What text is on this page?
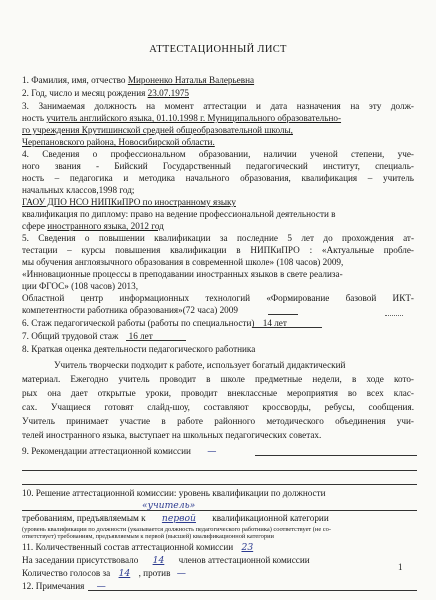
АТТЕСТАЦИОННЫЙ ЛИСТ
1. Фамилия, имя, отчество Мироненко Наталья Валерьевна
2. Год, число и месяц рождения 23.07.1975
3. Занимаемая должность на момент аттестации и дата назначения на эту долж-
ность учитель английского языка, 01.10.1998 г. Муниципального образовательно-
го учреждения Крутишинской средней общеобразовательной школы,
Черепановского района, Новосибирской области.
4. Сведения о профессиональном образовании, наличии ученой степени, уче-
ного звания - Бийский Государственный педагогический институт, специаль-
ность – педагогика и методика начального образования, квалификация – учитель
начальных классов,1998 год;
ГАОУ ДПО НСО НИПКиПРО по иностранному языку
квалификация по диплому: право на ведение профессиональной деятельности в
сфере иностранного языка, 2012 год
5. Сведения о повышении квалификации за последние 5 лет до прохождения ат-
тестации – курсы повышения квалификации в НИПКиПРО : «Актуальные пробле-
мы обучения англоязычного образования в современной школе» (108 часов) 2009,
«Инновационные процессы в преподавании иностранных языков в свете реализа-
ции ФГОС» (108 часов) 2013,
Областной центр информационных технологий «Формирование базовой ИКТ-
компетентности работника образования»(72 часа) 2009
6. Стаж педагогической работы (работы по специальности) 14 лет
7. Общий трудовой стаж 16 лет
8. Краткая оценка деятельности педагогического работника
Учитель творчески подходит к работе, использует богатый дидактический
материал. Ежегодно учитель проводит в школе предметные недели, в ходе кото-
рых она дает открытые уроки, проводит внеклассные мероприятия во всех клас-
сах. Учащиеся готовят слайд-шоу, составляют кроссворды, ребусы, сообщения.
Учитель принимает участие в работе районного методического объединения учи-
телей иностранного языка, выступает на школьных педагогических советах.
9. Рекомендации аттестационной комиссии —
10. Решение аттестационной комиссии: уровень квалификации по должности
«учитель»
требованиям, предъявляемым к первой квалификационной категории
(уровень квалификации по должности (указывается должность педагогического работника) соответствует (не со-
ответствует) требованиям, предъявляемым к первой (высшей) квалификационной категории
11. Количественный состав аттестационной комиссии 23
На заседании присутствовало 14 членов аттестационной комиссии
Количество голосов за 14 , против —
12. Примечания —
1
